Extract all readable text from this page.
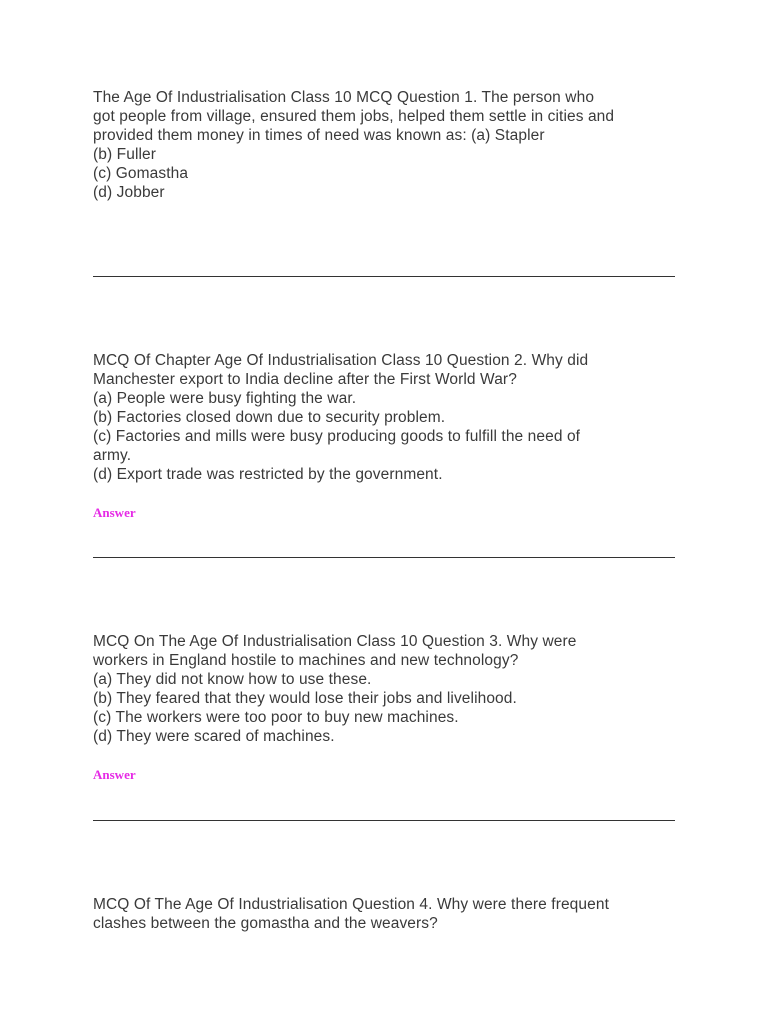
The Age Of Industrialisation Class 10 MCQ Question 1. The person who
got people from village, ensured them jobs, helped them settle in cities and
provided them money in times of need was known as: (a) Stapler
(b) Fuller
(c) Gomastha
(d) Jobber
MCQ Of Chapter Age Of Industrialisation Class 10 Question 2. Why did
Manchester export to India decline after the First World War?
(a) People were busy fighting the war.
(b) Factories closed down due to security problem.
(c) Factories and mills were busy producing goods to fulfill the need of
army.
(d) Export trade was restricted by the government.
Answer
MCQ On The Age Of Industrialisation Class 10 Question 3. Why were
workers in England hostile to machines and new technology?
(a) They did not know how to use these.
(b) They feared that they would lose their jobs and livelihood.
(c) The workers were too poor to buy new machines.
(d) They were scared of machines.
Answer
MCQ Of The Age Of Industrialisation Question 4. Why were there frequent
clashes between the gomastha and the weavers?
